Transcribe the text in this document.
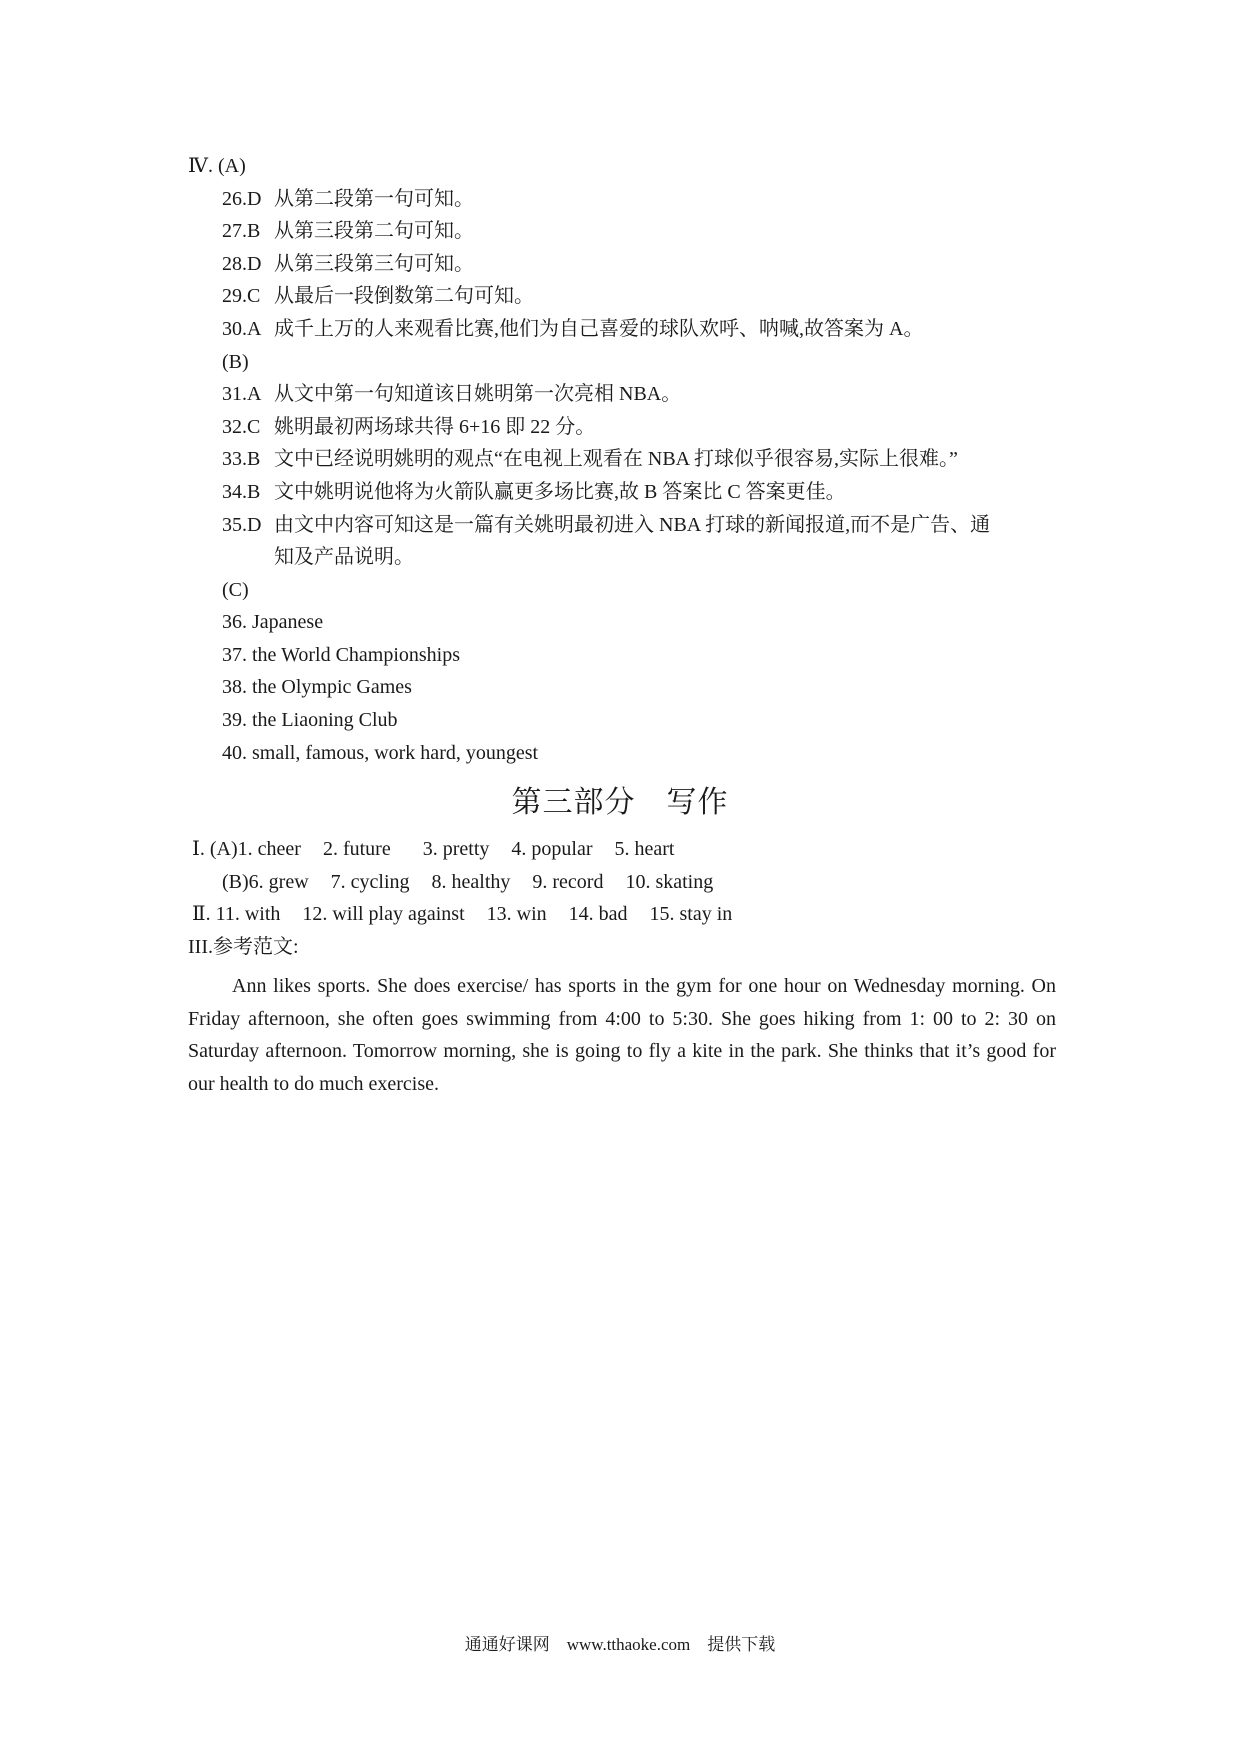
Ⅳ. (A)
26.D 从第二段第一句可知。
27.B 从第三段第二句可知。
28.D 从第三段第三句可知。
29.C 从最后一段倒数第二句可知。
30.A 成千上万的人来观看比赛,他们为自己喜爱的球队欢呼、呐喊,故答案为 A。
(B)
31.A 从文中第一句知道该日姚明第一次亮相 NBA。
32.C 姚明最初两场球共得 6+16 即 22 分。
33.B 文中已经说明姚明的观点“在电视上观看在 NBA 打球似乎很容易,实际上很难。”
34.B 文中姚明说他将为火箭队赢更多场比赛,故 B 答案比 C 答案更佳。
35.D 由文中内容可知这是一篇有关姚明最初进入 NBA 打球的新闻报道,而不是广告、通
知及产品说明。
(C)
36. Japanese
37. the World Championships
38. the Olympic Games
39. the Liaoning Club
40. small, famous, work hard, youngest
第三部分　写作
Ⅰ. (A)1. cheer 2. future 3. pretty 4. popular 5. heart
(B)6. grew 7. cycling 8. healthy 9. record 10. skating
Ⅱ. 11. with 12. will play against 13. win 14. bad 15. stay in
III.参考范文:
Ann likes sports. She does exercise/ has sports in the gym for one hour on Wednesday morning. On Friday afternoon, she often goes swimming from 4:00 to 5:30. She goes hiking from 1: 00 to 2: 30 on Saturday afternoon. Tomorrow morning, she is going to fly a kite in the park. She thinks that it’s good for our health to do much exercise.
通通好课网　www.tthaoke.com　提供下载
